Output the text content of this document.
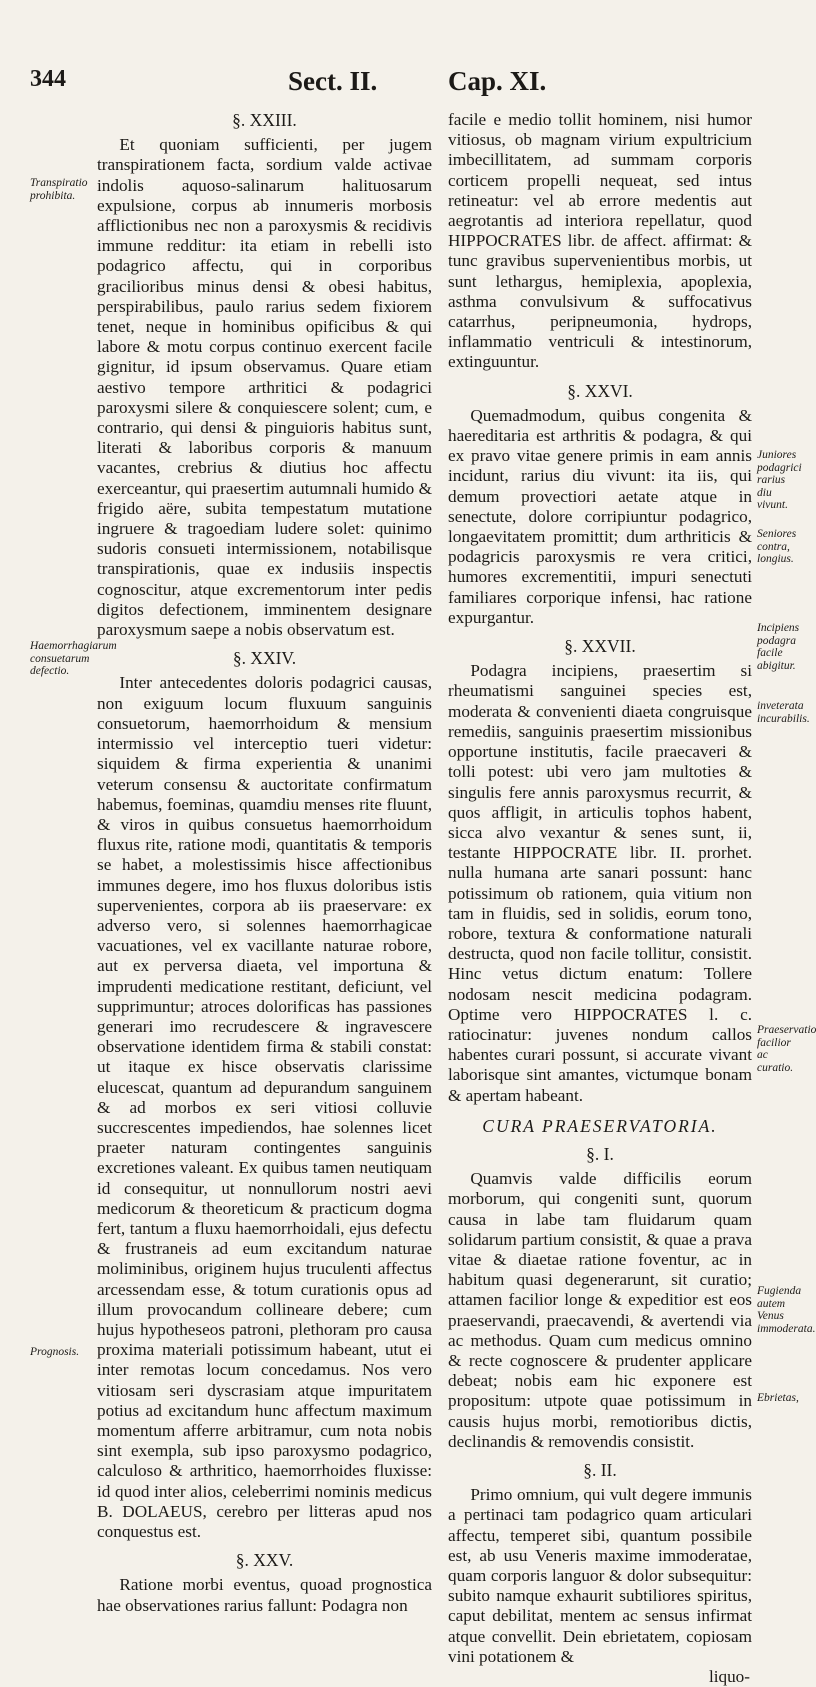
344	Sect. II.	Cap. XI.
Transpiratio prohibita.
Haemorrhagiarum consuetarum defectio.
Prognosis.
§. XXIII.

Et quoniam sufficienti, per jugem transpirationem facta, sordium valde activae indolis aquoso-salinarum halituosarum expulsione, corpus ab innumeris morbosis afflictionibus nec non a paroxysmis & recidivis immune redditur: ita etiam in rebelli isto podagrico affectu, qui in corporibus gracilioribus minus densi & obesi habitus, perspirabilibus, paulo rarius sedem fixiorem tenet, neque in hominibus opificibus & qui labore & motu corpus continuo exercent facile gignitur, id ipsum observamus. Quare etiam aestivo tempore arthritici & podagrici paroxysmi silere & conquiescere solent; cum, e contrario, qui densi & pinguioris habitus sunt, literati & laboribus corporis & manuum vacantes, crebrius & diutius hoc affectu exerceantur, qui praesertim autumnali humido & frigido aëre, subita tempestatum mutatione ingruere & tragoediam ludere solet: quinimo sudoris consueti intermissionem, notabilisque transpirationis, quae ex indusiis inspectis cognoscitur, atque excrementorum inter pedis digitos defectionem, imminentem designare paroxysmum saepe a nobis observatum est.

§. XXIV.

Inter antecedentes doloris podagrici causas, non exiguum locum fluxuum sanguinis consuetorum, haemorrhoidum & mensium intermissio vel interceptio tueri videtur: siquidem & firma experientia & unanimi veterum consensu & auctoritate confirmatum habemus, foeminas, quamdiu menses rite fluunt, & viros in quibus consuetus haemorrhoidum fluxus rite, ratione modi, quantitatis & temporis se habet, a molestissimis hisce affectionibus immunes degere, imo hos fluxus doloribus istis supervenientes, corpora ab iis praeservare: ex adverso vero, si solennes haemorrhagicae vacuationes, vel ex vacillante naturae robore, aut ex perversa diaeta, vel importuna & imprudenti medicatione restitant, deficiunt, vel supprimuntur; atroces dolorificas has passiones generari imo recrudescere & ingravescere observatione identidem firma & stabili constat: ut itaque ex hisce observatis clarissime elucescat, quantum ad depurandum sanguinem & ad morbos ex seri vitiosi colluvie succrescentes impediendos, hae solennes licet praeter naturam contingentes sanguinis excretiones valeant. Ex quibus tamen neutiquam id consequitur, ut nonnullorum nostri aevi medicorum & theoreticum & practicum dogma fert, tantum a fluxu haemorrhoidali, ejus defectu & frustraneis ad eum excitandum naturae moliminibus, originem hujus truculenti affectus arcessendam esse, & totum curationis opus ad illum provocandum collineare debere; cum hujus hypotheseos patroni, plethoram pro causa proxima materiali potissimum habeant, utut ei inter remotas locum concedamus. Nos vero vitiosam seri dyscrasiam atque impuritatem potius ad excitandum hunc affectum maximum momentum afferre arbitramur, cum nota nobis sint exempla, sub ipso paroxysmo podagrico, calculoso & arthritico, haemorrhoides fluxisse: id quod inter alios, celeberrimi nominis medicus B. DOLAEUS, cerebro per litteras apud nos conquestus est.

§. XXV.

Ratione morbi eventus, quoad prognostica hae observationes rarius fallunt: Podagra non

facile e medio tollit hominem, nisi humor vitiosus, ob magnam virium expultricium imbecillitatem, ad summam corporis corticem propelli nequeat, sed intus retineatur: vel ab errore medentis aut aegrotantis ad interiora repellatur, quod HIPPOCRATES libr. de affect. affirmat: & tunc gravibus supervenientibus morbis, ut sunt lethargus, hemiplexia, apoplexia, asthma convulsivum & suffocativus catarrhus, peripneumonia, hydrops, inflammatio ventriculi & intestinorum, extinguuntur.

§. XXVI.

Quemadmodum, quibus congenita & haereditaria est arthritis & podagra, & qui ex pravo vitae genere primis in eam annis incidunt, rarius diu vivunt: ita iis, qui demum provectiori aetate atque in senectute, dolore corripiuntur podagrico, longaevitatem promittit; dum arthriticis & podagricis paroxysmis re vera critici, humores excrementitii, impuri senectuti familiares corporique infensi, hac ratione expurgantur.

§. XXVII.

Podagra incipiens, praesertim si rheumatismi sanguinei species est, moderata & convenienti diaeta congruisque remediis, sanguinis praesertim missionibus opportune institutis, facile praecaveri & tolli potest: ubi vero jam multoties & singulis fere annis paroxysmus recurrit, & quos affligit, in articulis tophos habent, sicca alvo vexantur & senes sunt, ii, testante HIPPOCRATE libr. II. prorhet. nulla humana arte sanari possunt: hanc potissimum ob rationem, quia vitium non tam in fluidis, sed in solidis, eorum tono, robore, textura & conformatione naturali destructa, quod non facile tollitur, consistit. Hinc vetus dictum enatum: Tollere nodosam nescit medicina podagram. Optime vero HIPPOCRATES l. c. ratiocinatur: juvenes nondum callos habentes curari possunt, si accurate vivant laborisque sint amantes, victumque bonam & apertam habeant.

CURA PRAESERVATORIA.
§. I.

Quamvis valde difficilis eorum morborum, qui congeniti sunt, quorum causa in labe tam fluidarum quam solidarum partium consistit, & quae a prava vitae & diaetae ratione foventur, ac in habitum quasi degenerarunt, sit curatio; attamen facilior longe & expeditior est eos praeservandi, praecavendi, & avertendi via ac methodus. Quam cum medicus omnino & recte cognoscere & prudenter applicare debeat; nobis eam hic exponere est propositum: utpote quae potissimum in causis hujus morbi, remotioribus dictis, declinandis & removendis consistit.

§. II.

Primo omnium, qui vult degere immunis a pertinaci tam podagrico quam articulari affectu, temperet sibi, quantum possibile est, ab usu Veneris maxime immoderatae, quam corporis languor & dolor subsequitur: subito namque exhaurit subtiliores spiritus, caput debilitat, mentem ac sensus infirmat atque convellit. Dein ebrietatem, copiosam vini potationem &

liquo-
Juniores podagrici rarius diu vivunt.
Seniores contra, longius.
Incipiens podagra facile abigitur.
inveterata incurabilis.
Praeservatio facilior ac curatio.
Fugienda autem Venus immoderata.
Ebrietas,
